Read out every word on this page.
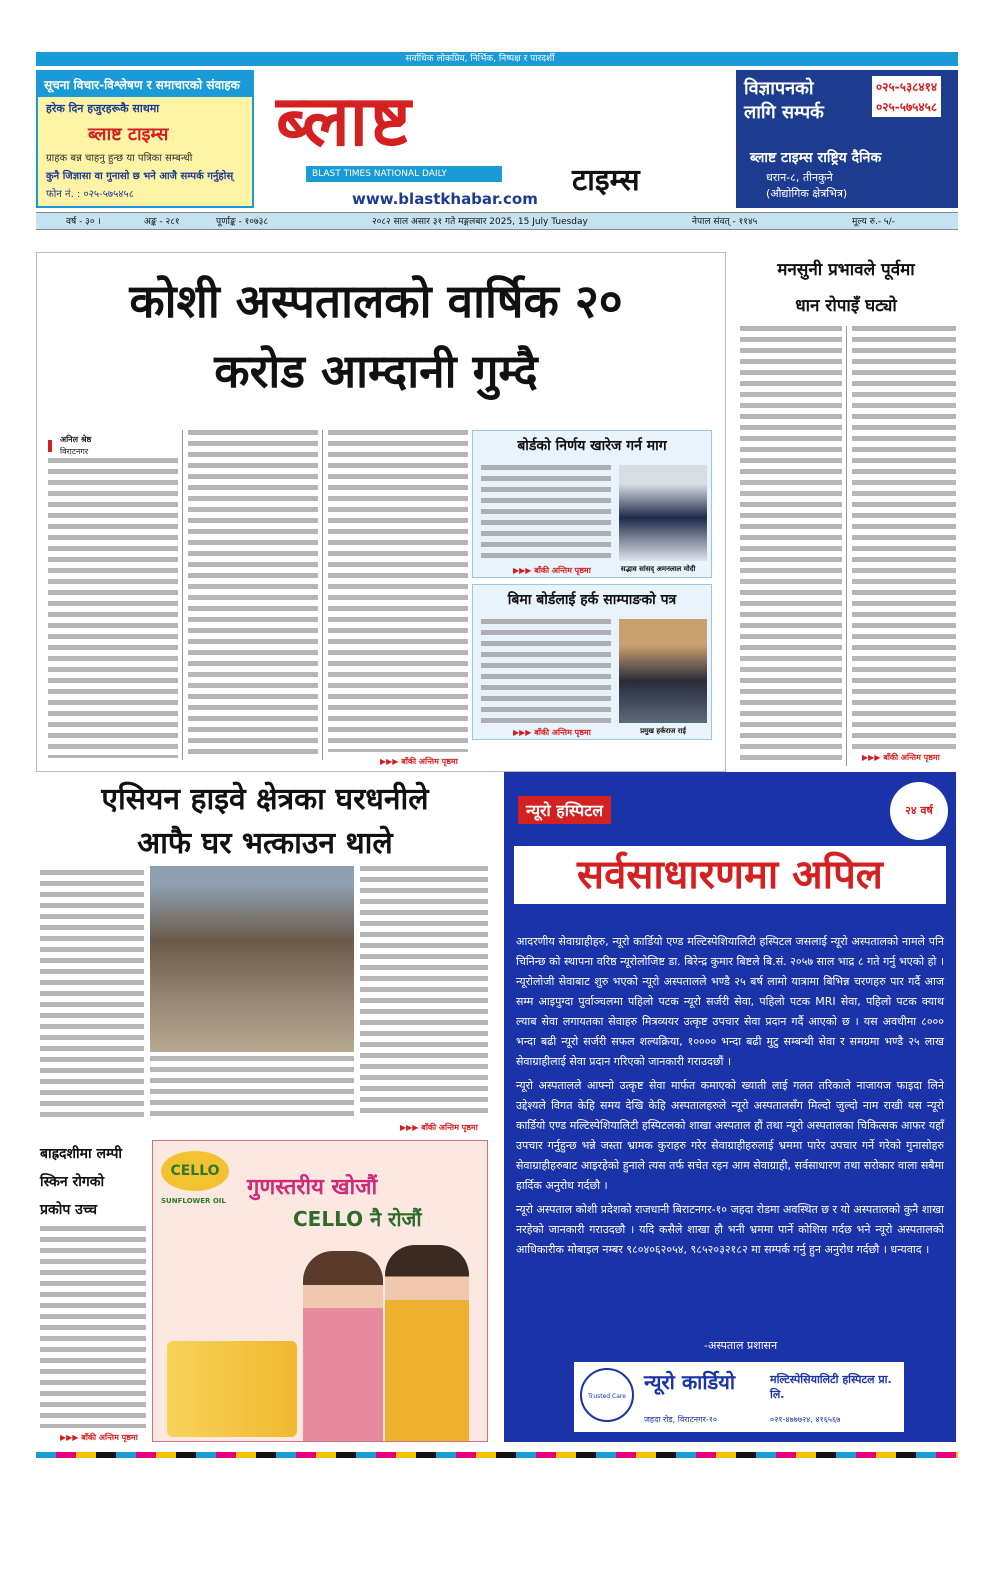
सर्वाधिक लोकप्रिय, निर्भिक, निष्पक्ष र पारदर्शी
सूचना विचार-विश्लेषण र समाचारको संवाहक
हरेक दिन हजुरहरूकै साथमा
ब्लाष्ट टाइम्स
ग्राहक बन्न चाहनु हुन्छ या पत्रिका सम्बन्धी
कुनै जिज्ञासा वा गुनासो छ भने आजै सम्पर्क गर्नुहोस्
फोन नं. : ०२५-५७५४५८
ब्लाष्ट
BLAST TIMES NATIONAL DAILY	टाइम्स
www.blastkhabar.com
विज्ञापनको
लागि सम्पर्क
०२५-५३८४१४
०२५-५७५४५८
ब्लाष्ट टाइम्स राष्ट्रिय दैनिक
धरान-८, तीनकुने
(औद्योगिक क्षेत्रभित्र)
वर्ष - ३० ।	अङ्क - २८१	पूर्णाङ्क - १०७३८	२०८२ साल असार ३१ गते मङ्गलबार 2025, 15 July Tuesday	नेपाल संवत् - ११४५	मूल्य रु.- ५/-
कोशी अस्पतालको वार्षिक २०
करोड आम्दानी गुम्दै
अनिल श्रेष्ठ
विराटनगर
▶▶▶ बाँकी अन्तिम पृष्ठमा
बोर्डको निर्णय खारेज गर्न माग
सद्भाव सांसद् अमनलाल मोदी
▶▶▶ बाँकी अन्तिम पृष्ठमा
बिमा बोर्डलाई हर्क साम्पाङको पत्र
प्रमुख हर्कराज राई
▶▶▶ बाँकी अन्तिम पृष्ठमा
मनसुनी प्रभावले पूर्वमा
धान रोपाइँ घट्यो
▶▶▶ बाँकी अन्तिम पृष्ठमा
एसियन हाइवे क्षेत्रका घरधनीले
आफै घर भत्काउन थाले
▶▶▶ बाँकी अन्तिम पृष्ठमा
बाह्रदशीमा लम्पी
स्किन रोगको
प्रकोप उच्च
▶▶▶ बाँकी अन्तिम पृष्ठमा
CELLO
SUNFLOWER OIL
गुणस्तरीय खोजौं
CELLO नै रोजौं
न्यूरो हस्पिटल	२४ वर्ष
सर्वसाधारणमा अपिल

आदरणीय सेवाग्राहीहरु, न्यूरो कार्डियो एण्ड मल्टिस्पेशियालिटी हस्पिटल जसलाई न्यूरो अस्पतालको नामले पनि चिनिन्छ को स्थापना वरिष्ठ न्यूरोलोजिष्ट डा. बिरेन्द्र कुमार बिष्टले बि.सं. २०५७ साल भाद्र ८ गते गर्नु भएको हो । न्यूरोलोजी सेवाबाट शुरु भएको न्यूरो अस्पतालले भण्डै २५ बर्ष लामो यात्रामा बिभिन्न चरणहरु पार गर्दै आज सम्म आइपुग्दा पुर्वाञ्चलमा पहिलो पटक न्यूरो सर्जरी सेवा, पहिलो पटक MRI सेवा, पहिलो पटक क्याथ ल्याब सेवा लगायतका सेवाहरु मित्रव्ययर उत्कृष्ट उपचार सेवा प्रदान गर्दै आएको छ । यस अवधीमा ८००० भन्दा बढी न्यूरो सर्जरी सफल शल्यक्रिया, १०००० भन्दा बढी मुटु सम्बन्धी सेवा र समग्रमा भण्डै २५ लाख सेवाग्राहीलाई सेवा प्रदान गरिएको जानकारी गराउदछौं ।

न्यूरो अस्पतालले आफ्नो उत्कृष्ट सेवा मार्फत कमाएको ख्याती लाई गलत तरिकाले नाजायज फाइदा लिने उद्देश्यले विगत केहि समय देखि केहि अस्पतालहरुले न्यूरो अस्पतालसँग मिल्दो जुल्दो नाम राखी यस न्यूरो कार्डियो एण्ड मल्टिस्पेशियालिटी हस्पिटलको शाखा अस्पताल हौं तथा न्यूरो अस्पतालका चिकित्सक आफर यहाँ उपचार गर्नुहुन्छ भन्ने जस्ता भ्रामक कुराहरु गरेर सेवाग्राहीहरुलाई भ्रममा पारेर उपचार गर्ने गरेको गुनासोहरु सेवाग्राहीहरुबाट आइरहेको हुनाले त्यस तर्फ सचेत रहन आम सेवाग्राही, सर्वसाधारण तथा सरोकार वाला सबैमा हार्दिक अनुरोध गर्दछौ ।

न्यूरो अस्पताल कोशी प्रदेशको राजधानी बिराटनगर-१० जहदा रोडमा अवस्थित छ र यो अस्पतालको कुनै शाखा नरहेको जानकारी गराउदछौ । यदि कसैले शाखा हौ भनी भ्रममा पार्ने कोशिस गर्दछ भने न्यूरो अस्पतालको आधिकारीक मोबाइल नम्बर ९८०४०६२०५४, ९८५२०३२१८२ मा सम्पर्क गर्नु हुन अनुरोध गर्दछौ । धन्यवाद ।

-अस्पताल प्रशासन
Trusted Care
न्यूरो कार्डियो	मल्टिस्पेसियालिटी हस्पिटल प्रा. लि.
जहदा रोड, विराटनगर-१०	०२१-४७७७२४, ४१६५६७
